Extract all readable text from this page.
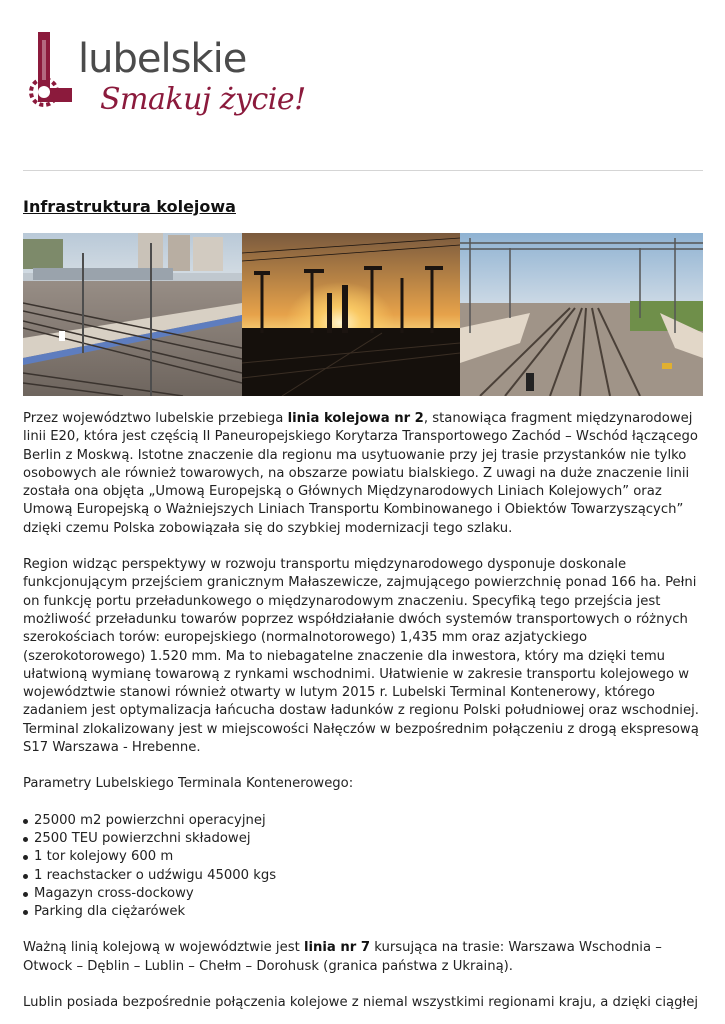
lubelskie
Smakuj życie!
Infrastruktura kolejowa

Przez województwo lubelskie przebiega linia kolejowa nr 2, stanowiąca fragment międzynarodowej linii E20, która jest częścią II Paneuropejskiego Korytarza Transportowego Zachód – Wschód łączącego Berlin z Moskwą. Istotne znaczenie dla regionu ma usytuowanie przy jej trasie przystanków nie tylko osobowych ale również towarowych, na obszarze powiatu bialskiego. Z uwagi na duże znaczenie linii została ona objęta „Umową Europejską o Głównych Międzynarodowych Liniach Kolejowych” oraz Umową Europejską o Ważniejszych Liniach Transportu Kombinowanego i Obiektów Towarzyszących” dzięki czemu Polska zobowiązała się do szybkiej modernizacji tego szlaku.

Region widząc perspektywy w rozwoju transportu międzynarodowego dysponuje doskonale funkcjonującym przejściem granicznym Małaszewicze, zajmującego powierzchnię ponad 166 ha. Pełni on funkcję portu przeładunkowego o międzynarodowym znaczeniu. Specyfiką tego przejścia jest możliwość przeładunku towarów poprzez współdziałanie dwóch systemów transportowych o różnych szerokościach torów: europejskiego (normalnotorowego) 1,435 mm oraz azjatyckiego (szerokotorowego) 1.520 mm. Ma to niebagatelne znaczenie dla inwestora, który ma dzięki temu ułatwioną wymianę towarową z rynkami wschodnimi. Ułatwienie w zakresie transportu kolejowego w województwie stanowi również otwarty w lutym 2015 r. Lubelski Terminal Kontenerowy, którego zadaniem jest optymalizacja łańcucha dostaw ładunków z regionu Polski południowej oraz wschodniej. Terminal zlokalizowany jest w miejscowości Nałęczów w bezpośrednim połączeniu z drogą ekspresową S17 Warszawa - Hrebenne.

Parametry Lubelskiego Terminala Kontenerowego:

25000 m2 powierzchni operacyjnej
2500 TEU powierzchni składowej
1 tor kolejowy 600 m
1 reachstacker o udźwigu 45000 kgs
Magazyn cross-dockowy
Parking dla ciężarówek

Ważną linią kolejową w województwie jest linia nr 7 kursująca na trasie: Warszawa Wschodnia – Otwock – Dęblin – Lublin – Chełm – Dorohusk (granica państwa z Ukrainą).

Lublin posiada bezpośrednie połączenia kolejowe z niemal wszystkimi regionami kraju, a dzięki ciągłej
